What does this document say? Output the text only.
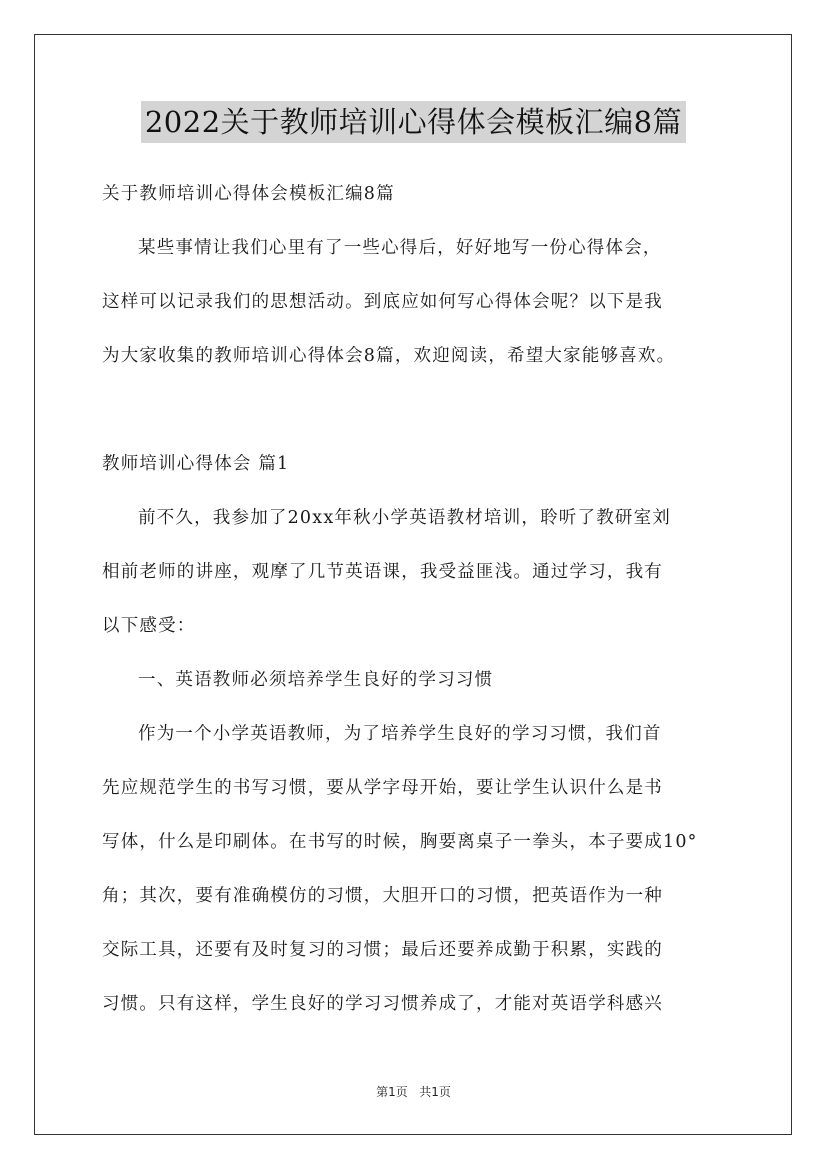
2022关于教师培训心得体会模板汇编8篇
关于教师培训心得体会模板汇编8篇
某些事情让我们心里有了一些心得后，好好地写一份心得体会，
这样可以记录我们的思想活动。到底应如何写心得体会呢？以下是我
为大家收集的教师培训心得体会8篇，欢迎阅读，希望大家能够喜欢。
教师培训心得体会 篇1
前不久，我参加了20xx年秋小学英语教材培训，聆听了教研室刘
相前老师的讲座，观摩了几节英语课，我受益匪浅。通过学习，我有
以下感受：
一、英语教师必须培养学生良好的学习习惯
作为一个小学英语教师，为了培养学生良好的学习习惯，我们首
先应规范学生的书写习惯，要从学字母开始，要让学生认识什么是书
写体，什么是印刷体。在书写的时候，胸要离桌子一拳头，本子要成10°
角；其次，要有准确模仿的习惯，大胆开口的习惯，把英语作为一种
交际工具，还要有及时复习的习惯；最后还要养成勤于积累，实践的
习惯。只有这样，学生良好的学习习惯养成了，才能对英语学科感兴
第1页   共1页
